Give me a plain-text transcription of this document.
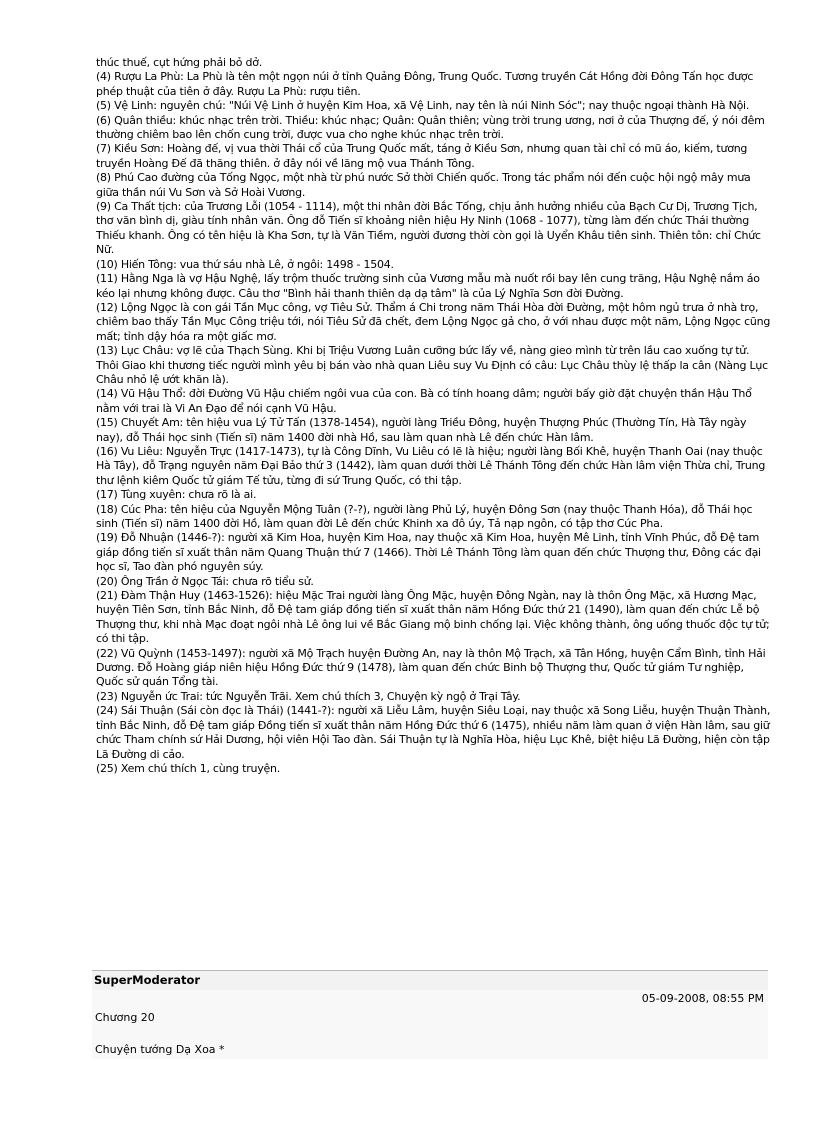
thúc thuế, cụt hứng phải bỏ dở.

(4) Rượu La Phù: La Phù là tên một ngọn núi ở tỉnh Quảng Đông, Trung Quốc. Tương truyền Cát Hồng đời Đông Tấn học được phép thuật của tiên ở đây. Rượu La Phù: rượu tiên.

(5) Vệ Linh: nguyên chú: "Núi Vệ Linh ở huyện Kim Hoa, xã Vệ Linh, nay tên là núi Ninh Sóc"; nay thuộc ngoại thành Hà Nội.

(6) Quân thiều: khúc nhạc trên trời. Thiều: khúc nhạc; Quân: Quân thiên; vùng trời trung ương, nơi ở của Thượng đế, ý nói đêm thường chiêm bao lên chốn cung trời, được vua cho nghe khúc nhạc trên trời.

(7) Kiều Sơn: Hoàng đế, vị vua thời Thái cổ của Trung Quốc mất, táng ở Kiều Sơn, nhưng quan tài chỉ có mũ áo, kiếm, tương truyền Hoàng Đế đã thăng thiên. ở đây nói về lăng mộ vua Thánh Tông.

(8) Phú Cao đường của Tống Ngọc, một nhà từ phú nước Sở thời Chiến quốc. Trong tác phẩm nói đến cuộc hội ngộ mây mưa giữa thần núi Vu Sơn và Sở Hoài Vương.

(9) Ca Thất tịch: của Trương Lỗi (1054 - 1114), một thi nhân đời Bắc Tống, chịu ảnh hưởng nhiều của Bạch Cư Dị, Trương Tịch, thơ văn bình dị, giàu tính nhân văn. Ông đỗ Tiến sĩ khoảng niên hiệu Hy Ninh (1068 - 1077), từng làm đến chức Thái thường Thiếu khanh. Ông có tên hiệu là Kha Sơn, tự là Văn Tiềm, người đương thời còn gọi là Uyển Khâu tiên sinh. Thiên tôn: chỉ Chức Nữ.

(10) Hiến Tông: vua thứ sáu nhà Lê, ở ngôi: 1498 - 1504.

(11) Hằng Nga là vợ Hậu Nghệ, lấy trộm thuốc trường sinh của Vương mẫu mà nuốt rồi bay lên cung trăng, Hậu Nghệ nắm áo kéo lại nhưng không được. Câu thơ "Bình hải thanh thiên dạ dạ tâm" là của Lý Nghĩa Sơn đời Đường.

(12) Lộng Ngọc là con gái Tần Mục công, vợ Tiêu Sử. Thẩm á Chi trong năm Thái Hòa đời Đường, một hôm ngủ trưa ở nhà trọ, chiêm bao thấy Tần Mục Công triệu tới, nói Tiêu Sử đã chết, đem Lộng Ngọc gả cho, ở với nhau được một năm, Lộng Ngọc cũng mất; tỉnh dậy hóa ra một giấc mơ.

(13) Lục Châu: vợ lẽ của Thạch Sùng. Khi bị Triệu Vương Luân cưỡng bức lấy về, nàng gieo mình từ trên lầu cao xuống tự tử. Thôi Giao khi thương tiếc người mình yêu bị bán vào nhà quan Liêu suy Vu Định có câu: Lục Châu thùy lệ thấp la cân (Nàng Lục Châu nhỏ lệ ướt khăn là).

(14) Vũ Hậu Thổ: đời Đường Vũ Hậu chiếm ngôi vua của con. Bà có tính hoang dâm; người bấy giờ đặt chuyện thần Hậu Thổ nằm với trai là Vi An Đạo để nói cạnh Vũ Hậu.

(15) Chuyết Am: tên hiệu vua Lý Tử Tấn (1378-1454), người làng Triều Đông, huyện Thượng Phúc (Thường Tín, Hà Tây ngày nay), đỗ Thái học sinh (Tiến sĩ) năm 1400 đời nhà Hồ, sau làm quan nhà Lê đến chức Hàn lâm.

(16) Vu Liêu: Nguyễn Trực (1417-1473), tự là Công Dĩnh, Vu Liêu có lẽ là hiệu; người làng Bối Khê, huyện Thanh Oai (nay thuộc Hà Tây), đỗ Trạng nguyên năm Đại Bảo thứ 3 (1442), làm quan dưới thời Lê Thánh Tông đến chức Hàn lâm viện Thừa chỉ, Trung thư lệnh kiêm Quốc tử giám Tế tửu, từng đi sứ Trung Quốc, có thi tập.

(17) Tùng xuyên: chưa rõ là ai.

(18) Cúc Pha: tên hiệu của Nguyễn Mộng Tuân (?-?), người làng Phủ Lý, huyện Đông Sơn (nay thuộc Thanh Hóa), đỗ Thái học sinh (Tiến sĩ) năm 1400 đời Hồ, làm quan đời Lê đến chức Khinh xa đô úy, Tả nạp ngôn, có tập thơ Cúc Pha.

(19) Đỗ Nhuận (1446-?): người xã Kim Hoa, huyện Kim Hoa, nay thuộc xã Kim Hoa, huyện Mê Linh, tỉnh Vĩnh Phúc, đỗ Đệ tam giáp đồng tiến sĩ xuất thân năm Quang Thuận thứ 7 (1466). Thời Lê Thánh Tông làm quan đến chức Thượng thư, Đông các đại học sĩ, Tao đàn phó nguyên súy.

(20) Ông Trần ở Ngọc Tái: chưa rõ tiểu sử.

(21) Đàm Thận Huy (1463-1526): hiệu Mặc Trai người làng Ông Mặc, huyện Đông Ngàn, nay là thôn Ông Mặc, xã Hương Mạc, huyện Tiên Sơn, tỉnh Bắc Ninh, đỗ Đệ tam giáp đồng tiến sĩ xuất thân năm Hồng Đức thứ 21 (1490), làm quan đến chức Lễ bộ Thượng thư, khi nhà Mạc đoạt ngôi nhà Lê ông lui về Bắc Giang mộ binh chống lại. Việc không thành, ông uống thuốc độc tự tử; có thi tập.

(22) Vũ Quỳnh (1453-1497): người xã Mộ Trạch huyện Đường An, nay là thôn Mộ Trạch, xã Tân Hồng, huyện Cẩm Bình, tỉnh Hải Dương. Đỗ Hoàng giáp niên hiệu Hồng Đức thứ 9 (1478), làm quan đến chức Binh bộ Thượng thư, Quốc tử giám Tư nghiệp, Quốc sử quán Tổng tài.

(23) Nguyễn ức Trai: tức Nguyễn Trãi. Xem chú thích 3, Chuyện kỳ ngộ ở Trại Tây.

(24) Sái Thuận (Sái còn đọc là Thái) (1441-?): người xã Liễu Lâm, huyện Siêu Loại, nay thuộc xã Song Liễu, huyện Thuận Thành, tỉnh Bắc Ninh, đỗ Đệ tam giáp Đồng tiến sĩ xuất thân năm Hồng Đức thứ 6 (1475), nhiều năm làm quan ở viện Hàn lâm, sau giữ chức Tham chính sứ Hải Dương, hội viên Hội Tao đàn. Sái Thuận tự là Nghĩa Hòa, hiệu Lục Khê, biệt hiệu Lã Đường, hiện còn tập Lã Đường di cảo.

(25) Xem chú thích 1, cùng truyện.

SuperModerator
05-09-2008, 08:55 PM
Chương 20
Chuyện tướng Dạ Xoa *
